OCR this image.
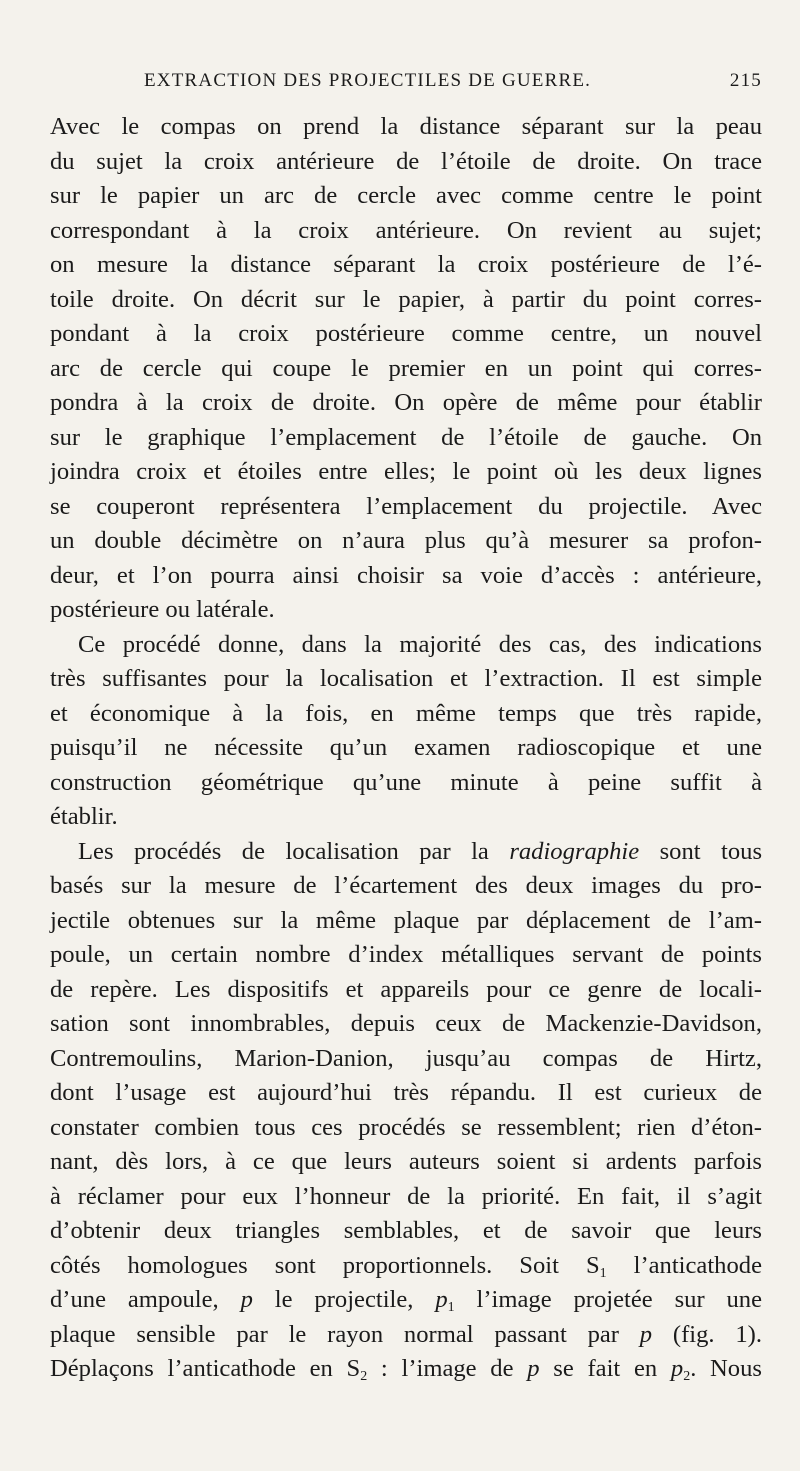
EXTRACTION DES PROJECTILES DE GUERRE.	215

Avec le compas on prend la distance séparant sur la peau

du sujet la croix antérieure de l’étoile de droite. On trace

sur le papier un arc de cercle avec comme centre le point

correspondant à la croix antérieure. On revient au sujet;

on mesure la distance séparant la croix postérieure de l’é-

toile droite. On décrit sur le papier, à partir du point corres-

pondant à la croix postérieure comme centre, un nouvel

arc de cercle qui coupe le premier en un point qui corres-

pondra à la croix de droite. On opère de même pour établir

sur le graphique l’emplacement de l’étoile de gauche. On

joindra croix et étoiles entre elles; le point où les deux lignes

se couperont représentera l’emplacement du projectile. Avec

un double décimètre on n’aura plus qu’à mesurer sa profon-

deur, et l’on pourra ainsi choisir sa voie d’accès : antérieure,

postérieure ou latérale.

Ce procédé donne, dans la majorité des cas, des indications

très suffisantes pour la localisation et l’extraction. Il est simple

et économique à la fois, en même temps que très rapide,

puisqu’il ne nécessite qu’un examen radioscopique et une

construction géométrique qu’une minute à peine suffit à

établir.

Les procédés de localisation par la radiographie sont tous

basés sur la mesure de l’écartement des deux images du pro-

jectile obtenues sur la même plaque par déplacement de l’am-

poule, un certain nombre d’index métalliques servant de points

de repère. Les dispositifs et appareils pour ce genre de locali-

sation sont innombrables, depuis ceux de Mackenzie-Davidson,

Contremoulins, Marion-Danion, jusqu’au compas de Hirtz,

dont l’usage est aujourd’hui très répandu. Il est curieux de

constater combien tous ces procédés se ressemblent; rien d’éton-

nant, dès lors, à ce que leurs auteurs soient si ardents parfois

à réclamer pour eux l’honneur de la priorité. En fait, il s’agit

d’obtenir deux triangles semblables, et de savoir que leurs

côtés homologues sont proportionnels. Soit $S_1$ l’anticathode

d’une ampoule, p le projectile, $p_1$ l’image projetée sur une

plaque sensible par le rayon normal passant par p (fig. 1).

Déplaçons l’anticathode en $S_2$ : l’image de p se fait en $p_2$. Nous
